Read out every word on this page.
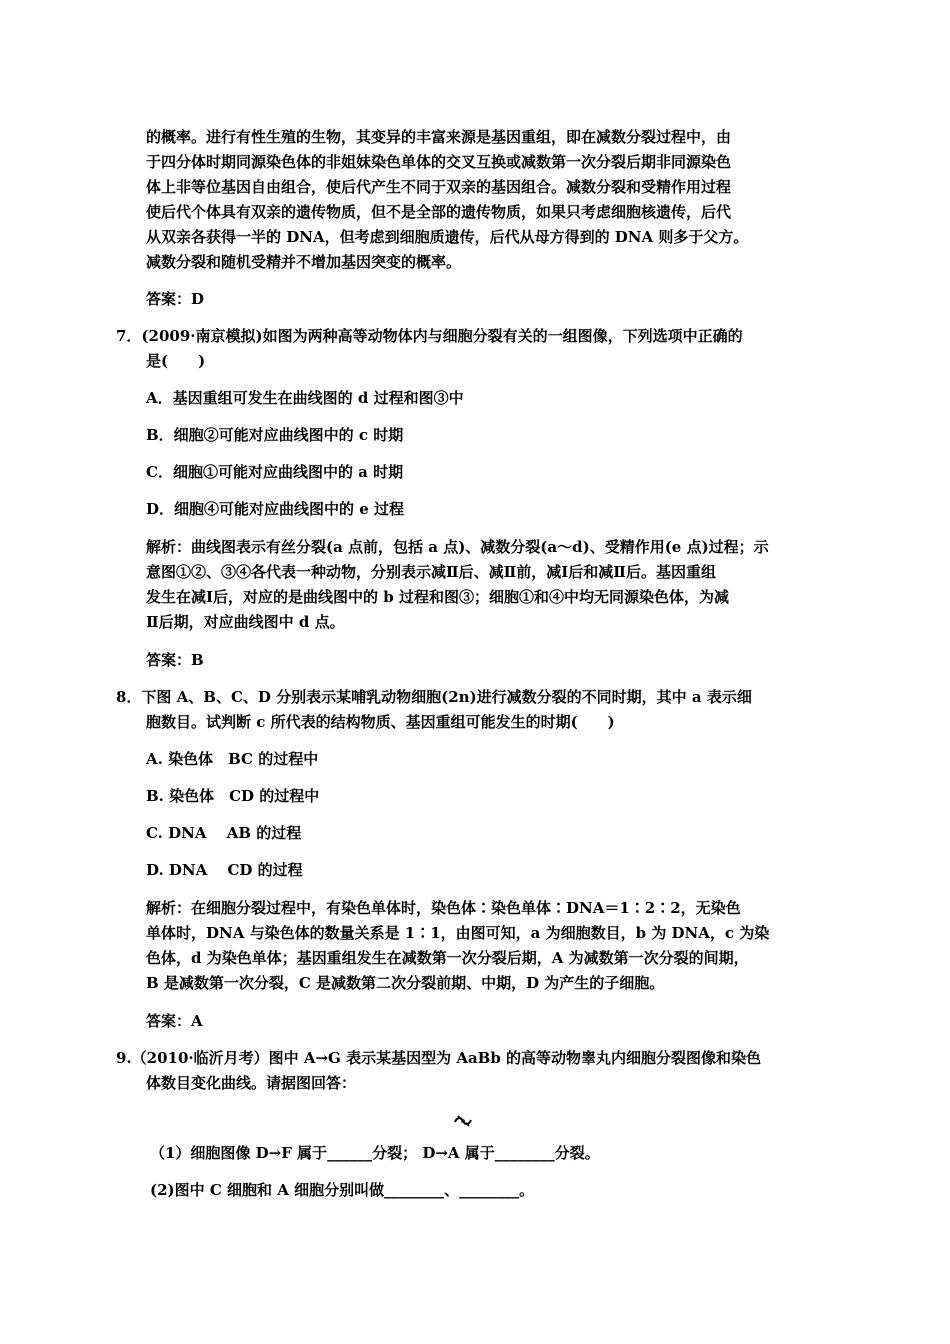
的概率。进行有性生殖的生物，其变异的丰富来源是基因重组，即在减数分裂过程中，由
于四分体时期同源染色体的非姐妹染色单体的交叉互换或减数第一次分裂后期非同源染色
体上非等位基因自由组合，使后代产生不同于双亲的基因组合。减数分裂和受精作用过程
使后代个体具有双亲的遗传物质，但不是全部的遗传物质，如果只考虑细胞核遗传，后代
从双亲各获得一半的 DNA，但考虑到细胞质遗传，后代从母方得到的 DNA 则多于父方。
减数分裂和随机受精并不增加基因突变的概率。
答案：D
7．(2009·南京模拟)如图为两种高等动物体内与细胞分裂有关的一组图像，下列选项中正确的
是(　　)
A．基因重组可发生在曲线图的 d 过程和图③中
B．细胞②可能对应曲线图中的 c 时期
C．细胞①可能对应曲线图中的 a 时期
D．细胞④可能对应曲线图中的 e 过程
解析：曲线图表示有丝分裂(a 点前，包括 a 点)、减数分裂(a～d)、受精作用(e 点)过程；示
意图①②、③④各代表一种动物，分别表示减Ⅱ后、减Ⅱ前，减Ⅰ后和减Ⅱ后。基因重组
发生在减Ⅰ后，对应的是曲线图中的 b 过程和图③；细胞①和④中均无同源染色体，为减
Ⅱ后期，对应曲线图中 d 点。
答案：B
8．下图 A、B、C、D 分别表示某哺乳动物细胞(2n)进行减数分裂的不同时期，其中 a 表示细
胞数目。试判断 c 所代表的结构物质、基因重组可能发生的时期(　　)
A. 染色体　BC 的过程中
B. 染色体　CD 的过程中
C. DNA　 AB 的过程
D. DNA　 CD 的过程
解析：在细胞分裂过程中，有染色单体时，染色体∶染色单体∶DNA＝1∶2∶2，无染色
单体时，DNA 与染色体的数量关系是 1∶1，由图可知，a 为细胞数目，b 为 DNA，c 为染
色体，d 为染色单体；基因重组发生在减数第一次分裂后期，A 为减数第一次分裂的间期，
B 是减数第一次分裂，C 是减数第二次分裂前期、中期，D 为产生的子细胞。
答案：A
9.（2010·临沂月考）图中 A→G 表示某基因型为 AaBb 的高等动物睾丸内细胞分裂图像和染色
体数目变化曲线。请据图回答：
（1）细胞图像 D→F 属于______分裂； D→A 属于________分裂。
(2)图中 C 细胞和 A 细胞分别叫做________、________。
